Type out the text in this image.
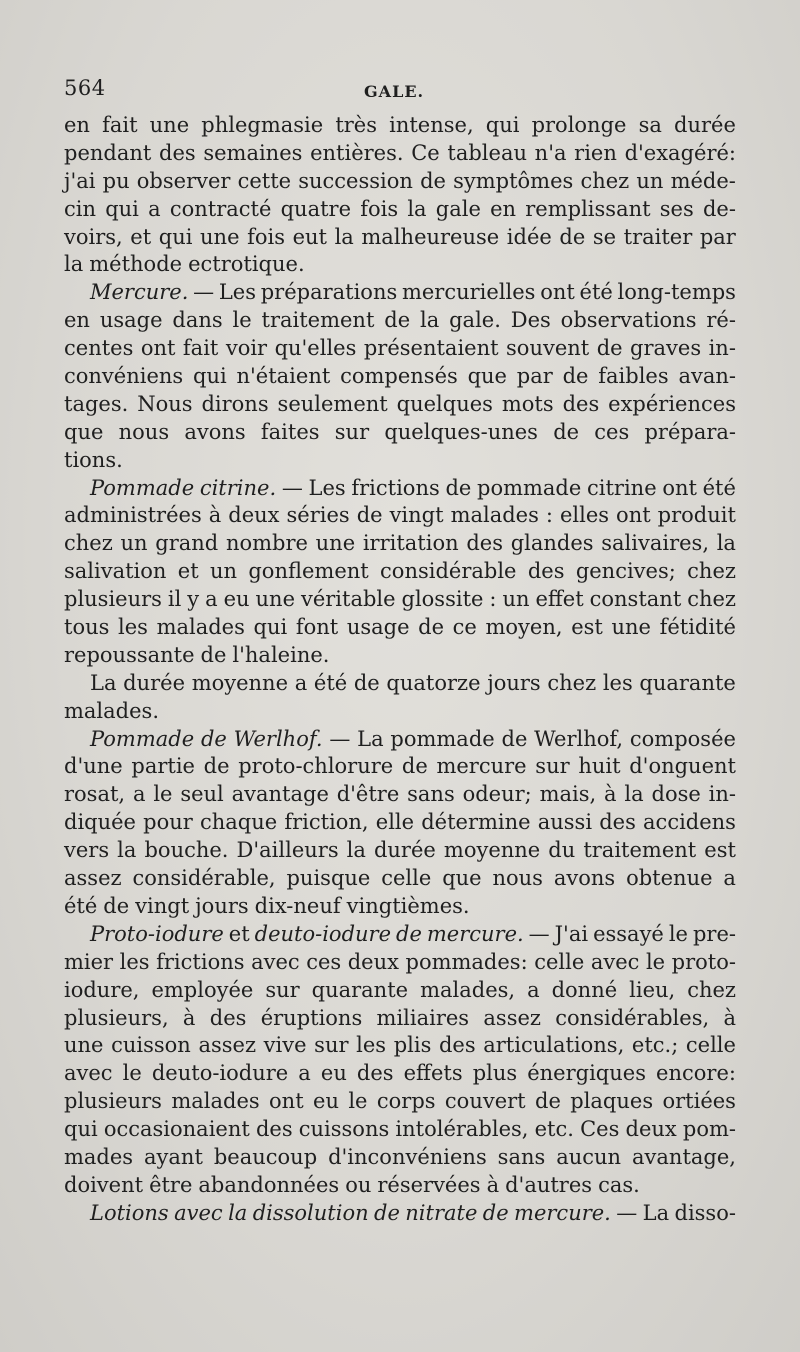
564	GALE.
en fait une phlegmasie très intense, qui prolonge sa durée
pendant des semaines entières. Ce tableau n'a rien d'exagéré:
j'ai pu observer cette succession de symptômes chez un méde-
cin qui a contracté quatre fois la gale en remplissant ses de-
voirs, et qui une fois eut la malheureuse idée de se traiter par
la méthode ectrotique.
Mercure. — Les préparations mercurielles ont été long-temps
en usage dans le traitement de la gale. Des observations ré-
centes ont fait voir qu'elles présentaient souvent de graves in-
convéniens qui n'étaient compensés que par de faibles avan-
tages. Nous dirons seulement quelques mots des expériences
que nous avons faites sur quelques-unes de ces prépara-
tions.
Pommade citrine. — Les frictions de pommade citrine ont été
administrées à deux séries de vingt malades : elles ont produit
chez un grand nombre une irritation des glandes salivaires, la
salivation et un gonflement considérable des gencives; chez
plusieurs il y a eu une véritable glossite : un effet constant chez
tous les malades qui font usage de ce moyen, est une fétidité
repoussante de l'haleine.
La durée moyenne a été de quatorze jours chez les quarante
malades.
Pommade de Werlhof. — La pommade de Werlhof, composée
d'une partie de proto-chlorure de mercure sur huit d'onguent
rosat, a le seul avantage d'être sans odeur; mais, à la dose in-
diquée pour chaque friction, elle détermine aussi des accidens
vers la bouche. D'ailleurs la durée moyenne du traitement est
assez considérable, puisque celle que nous avons obtenue a
été de vingt jours dix-neuf vingtièmes.
Proto-iodure et deuto-iodure de mercure. — J'ai essayé le pre-
mier les frictions avec ces deux pommades: celle avec le proto-
iodure, employée sur quarante malades, a donné lieu, chez
plusieurs, à des éruptions miliaires assez considérables, à
une cuisson assez vive sur les plis des articulations, etc.; celle
avec le deuto-iodure a eu des effets plus énergiques encore:
plusieurs malades ont eu le corps couvert de plaques ortiées
qui occasionaient des cuissons intolérables, etc. Ces deux pom-
mades ayant beaucoup d'inconvéniens sans aucun avantage,
doivent être abandonnées ou réservées à d'autres cas.
Lotions avec la dissolution de nitrate de mercure. — La disso-
